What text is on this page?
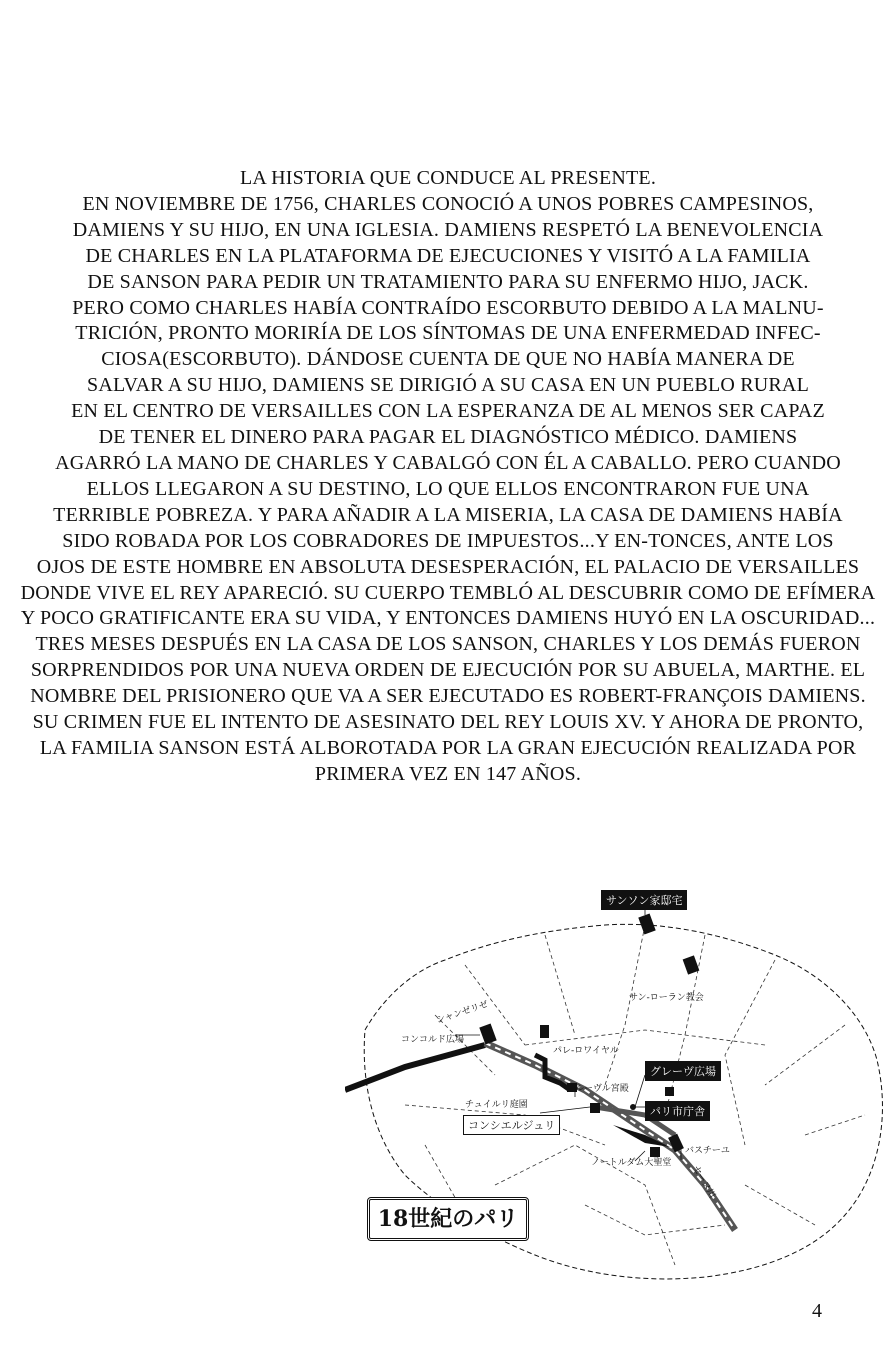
LA HISTORIA QUE CONDUCE AL PRESENTE.
EN NOVIEMBRE DE 1756, CHARLES CONOCIÓ A UNOS POBRES CAMPESINOS,
DAMIENS Y SU HIJO, EN UNA IGLESIA. DAMIENS RESPETÓ LA BENEVOLENCIA
DE CHARLES EN LA PLATAFORMA DE EJECUCIONES Y VISITÓ A LA FAMILIA
DE SANSON PARA PEDIR UN TRATAMIENTO PARA SU ENFERMO HIJO, JACK.
PERO COMO CHARLES HABÍA CONTRAÍDO ESCORBUTO DEBIDO A LA MALNU-
TRICIÓN, PRONTO MORIRÍA DE LOS SÍNTOMAS DE UNA ENFERMEDAD INFEC-
CIOSA(ESCORBUTO). DÁNDOSE CUENTA DE QUE NO HABÍA MANERA DE
SALVAR A SU HIJO, DAMIENS SE DIRIGIÓ A SU CASA EN UN PUEBLO RURAL
EN EL CENTRO DE VERSAILLES CON LA ESPERANZA DE AL MENOS SER CAPAZ
DE TENER EL DINERO PARA PAGAR EL DIAGNÓSTICO MÉDICO. DAMIENS
AGARRÓ LA MANO DE CHARLES Y CABALGÓ CON ÉL A CABALLO. PERO CUANDO
ELLOS LLEGARON A SU DESTINO, LO QUE ELLOS ENCONTRARON FUE UNA
TERRIBLE POBREZA. Y PARA AÑADIR A LA MISERIA, LA CASA DE DAMIENS HABÍA
SIDO ROBADA POR LOS COBRADORES DE IMPUESTOS...Y EN-TONCES, ANTE LOS
OJOS DE ESTE HOMBRE EN ABSOLUTA DESESPERACIÓN, EL PALACIO DE VERSAILLES
DONDE VIVE EL REY APARECIÓ. SU CUERPO TEMBLÓ AL DESCUBRIR COMO DE EFÍMERA
Y POCO GRATIFICANTE ERA SU VIDA, Y ENTONCES DAMIENS HUYÓ EN LA OSCURIDAD...
TRES MESES DESPUÉS EN LA CASA DE LOS SANSON, CHARLES Y LOS DEMÁS FUERON
SORPRENDIDOS POR UNA NUEVA ORDEN DE EJECUCIÓN POR SU ABUELA, MARTHE. EL
NOMBRE DEL PRISIONERO QUE VA A SER EJECUTADO ES ROBERT-FRANÇOIS DAMIENS.
SU CRIMEN FUE EL INTENTO DE ASESINATO DEL REY LOUIS XV. Y AHORA DE PRONTO,
LA FAMILIA SANSON ESTÁ ALBOROTADA POR LA GRAN EJECUCIÓN REALIZADA POR
PRIMERA VEZ EN 147 AÑOS.
サンソン家邸宅
サン-ローラン教会
シャンゼリゼ
コンコルド広場
パレ-ロワイヤル
グレーヴ広場
ルーヴル宮殿
チュイルリ庭園	パリ市庁舎
コンシエルジュリ
バスチーユ
ノートルダム大聖堂
セーヌ川
18世紀のパリ
4
